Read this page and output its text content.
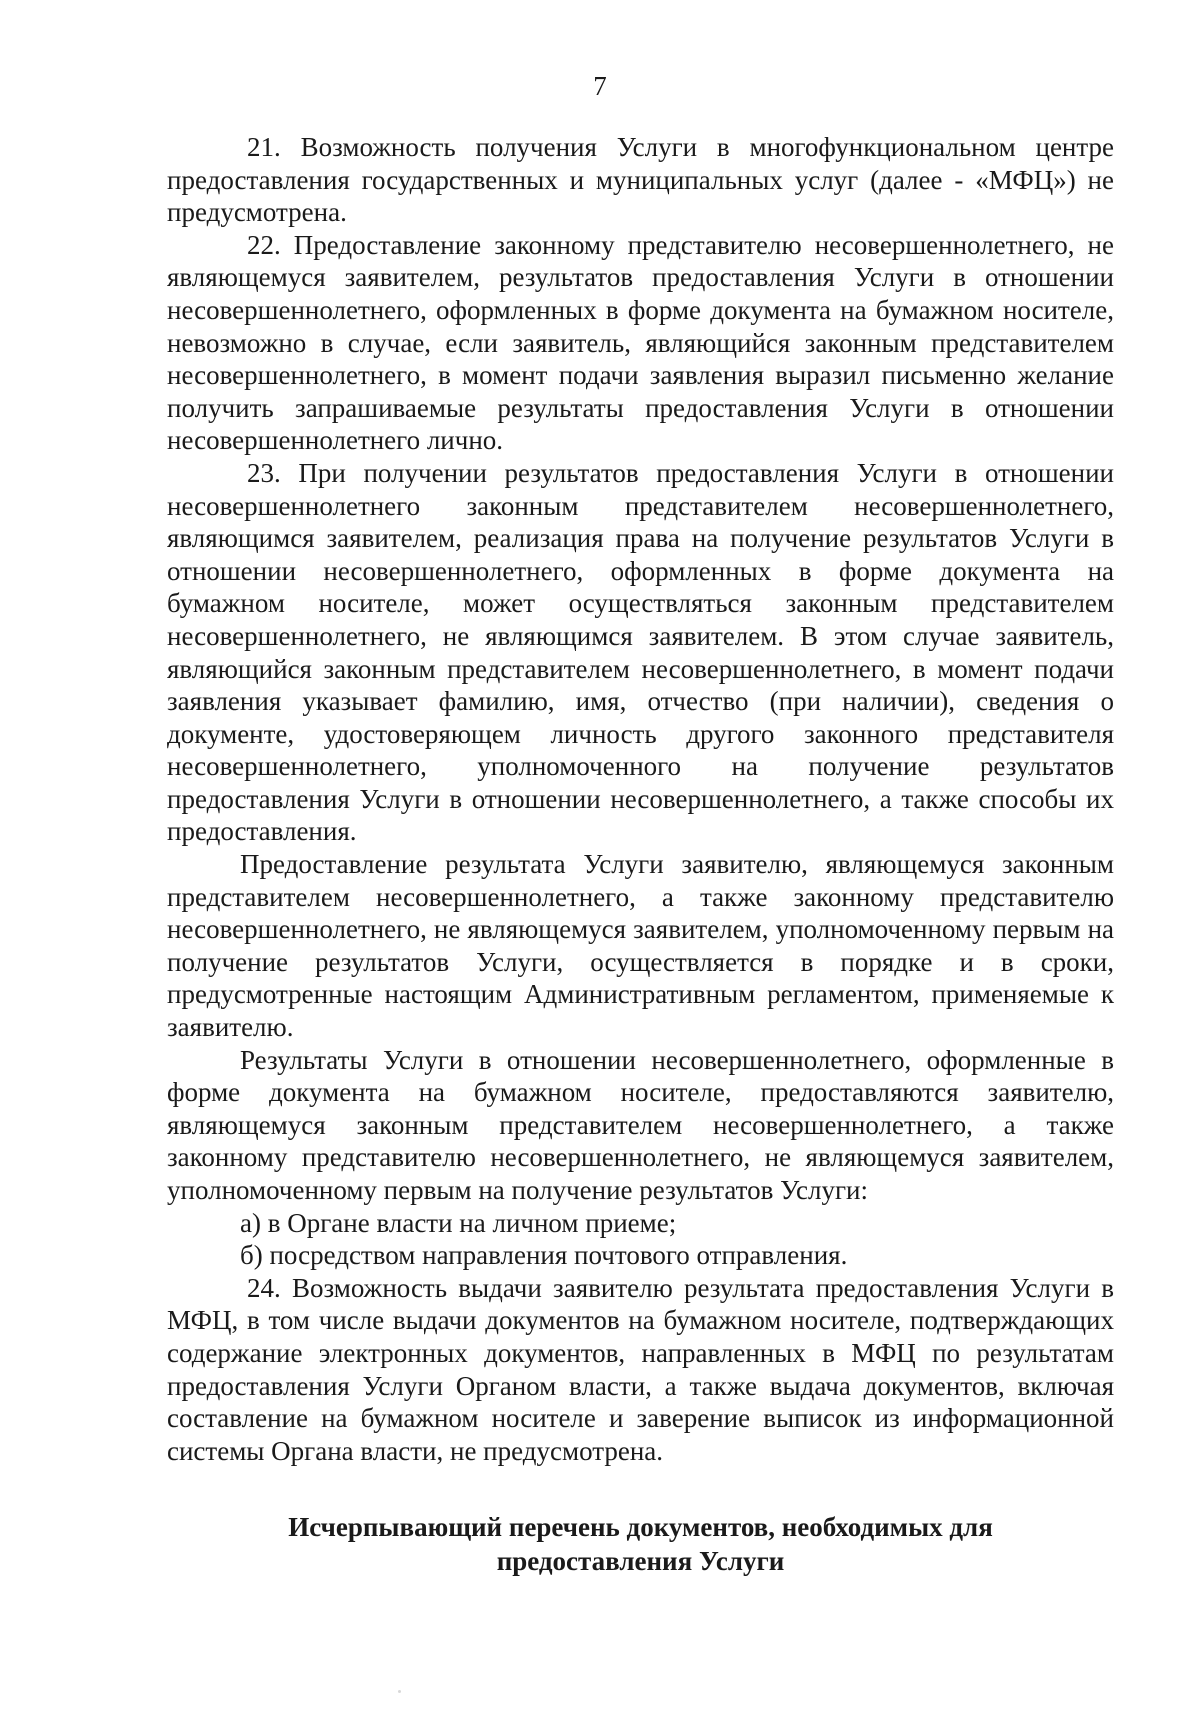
7

21. Возможность получения Услуги в многофункциональном центре предоставления государственных и муниципальных услуг (далее - «МФЦ») не предусмотрена.

22. Предоставление законному представителю несовершеннолетнего, не являющемуся заявителем, результатов предоставления Услуги в отношении несовершеннолетнего, оформленных в форме документа на бумажном носителе, невозможно в случае, если заявитель, являющийся законным представителем несовершеннолетнего, в момент подачи заявления выразил письменно желание получить запрашиваемые результаты предоставления Услуги в отношении несовершеннолетнего лично.

23. При получении результатов предоставления Услуги в отношении несовершеннолетнего законным представителем несовершеннолетнего, являющимся заявителем, реализация права на получение результатов Услуги в отношении несовершеннолетнего, оформленных в форме документа на бумажном носителе, может осуществляться законным представителем несовершеннолетнего, не являющимся заявителем. В этом случае заявитель, являющийся законным представителем несовершеннолетнего, в момент подачи заявления указывает фамилию, имя, отчество (при наличии), сведения о документе, удостоверяющем личность другого законного представителя несовершеннолетнего, уполномоченного на получение результатов предоставления Услуги в отношении несовершеннолетнего, а также способы их предоставления.

Предоставление результата Услуги заявителю, являющемуся законным представителем несовершеннолетнего, а также законному представителю несовершеннолетнего, не являющемуся заявителем, уполномоченному первым на получение результатов Услуги, осуществляется в порядке и в сроки, предусмотренные настоящим Административным регламентом, применяемые к заявителю.

Результаты Услуги в отношении несовершеннолетнего, оформленные в форме документа на бумажном носителе, предоставляются заявителю, являющемуся законным представителем несовершеннолетнего, а также законному представителю несовершеннолетнего, не являющемуся заявителем, уполномоченному первым на получение результатов Услуги:

а) в Органе власти на личном приеме;

б) посредством направления почтового отправления.

24. Возможность выдачи заявителю результата предоставления Услуги в МФЦ, в том числе выдачи документов на бумажном носителе, подтверждающих содержание электронных документов, направленных в МФЦ по результатам предоставления Услуги Органом власти, а также выдача документов, включая составление на бумажном носителе и заверение выписок из информационной системы Органа власти, не предусмотрена.

Исчерпывающий перечень документов, необходимых для
предоставления Услуги
